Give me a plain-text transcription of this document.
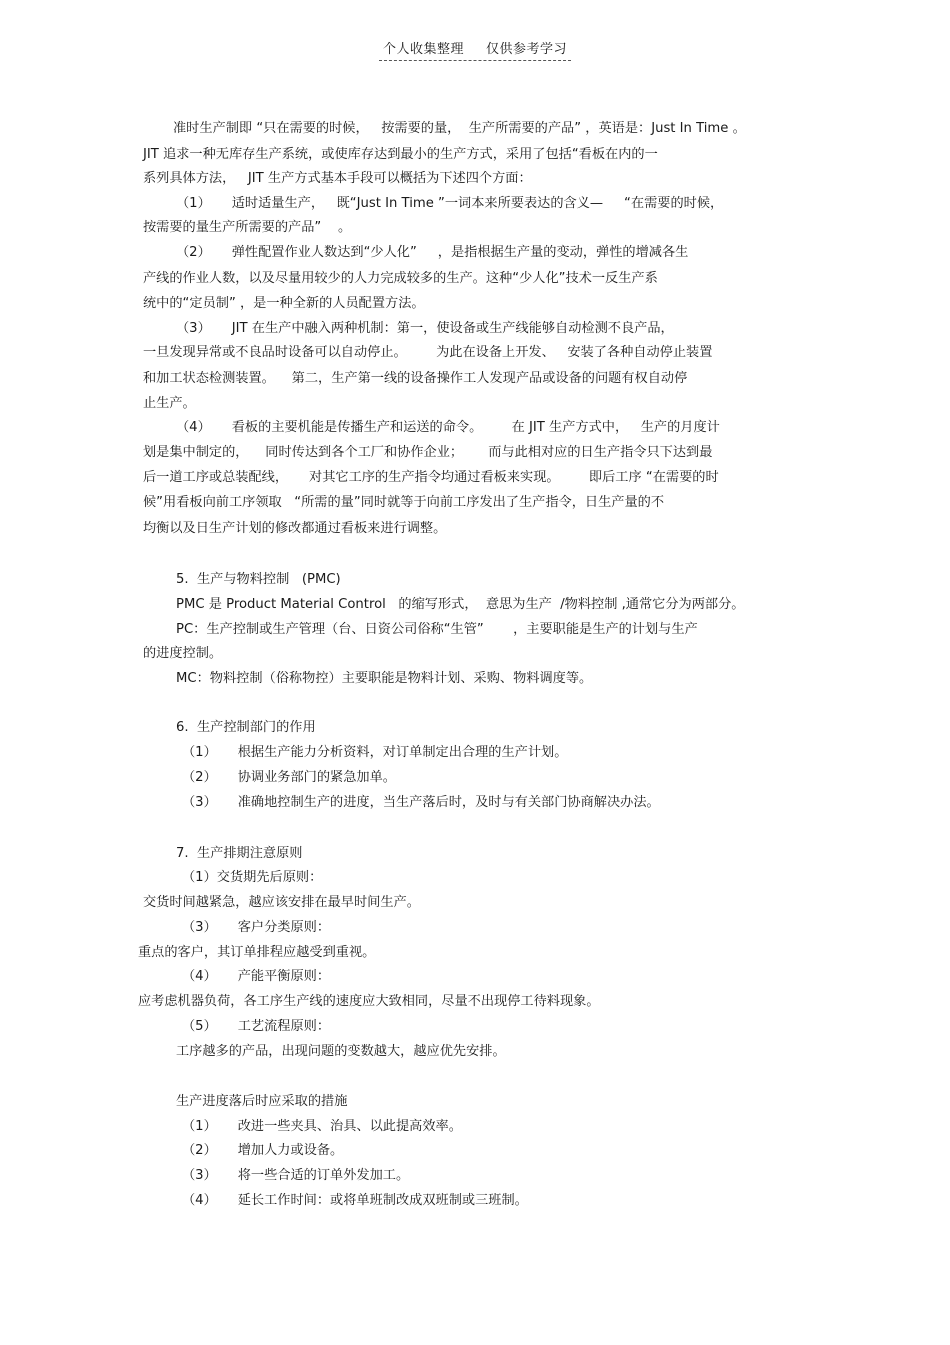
个人收集整理 仅供参考学习
准时生产制即 “只在需要的时候，   按需要的量，  生产所需要的产品” ，英语是：Just In Time 。
JIT 追求一种无库存生产系统，或使库存达到最小的生产方式，采用了包括“看板在内的一
系列具体方法，   JIT 生产方式基本手段可以概括为下述四个方面：
（1）     适时适量生产，   既“Just In Time ”一词本来所要表达的含义—     “在需要的时候，
按需要的量生产所需要的产品”    。
（2）     弹性配置作业人数达到“少人化”     ，是指根据生产量的变动，弹性的增减各生
产线的作业人数，以及尽量用较少的人力完成较多的生产。这种“少人化”技术一反生产系
统中的“定员制” ，是一种全新的人员配置方法。
（3）     JIT 在生产中融入两种机制：第一，使设备或生产线能够自动检测不良产品，
一旦发现异常或不良品时设备可以自动停止。       为此在设备上开发、   安装了各种自动停止装置
和加工状态检测装置。    第二，生产第一线的设备操作工人发现产品或设备的问题有权自动停
止生产。
（4）     看板的主要机能是传播生产和运送的命令。       在 JIT 生产方式中，   生产的月度计
划是集中制定的，    同时传达到各个工厂和协作企业；      而与此相对应的日生产指令只下达到最
后一道工序或总装配线，     对其它工序的生产指令均通过看板来实现。       即后工序 “在需要的时
候”用看板向前工序领取   “所需的量”同时就等于向前工序发出了生产指令，日生产量的不
均衡以及日生产计划的修改都通过看板来进行调整。
5.  生产与物料控制   (PMC)
PMC 是 Product Material Control   的缩写形式，  意思为生产  /物料控制 ,通常它分为两部分。
PC：生产控制或生产管理（台、日资公司俗称“生管”       ，主要职能是生产的计划与生产
的进度控制。
MC：物料控制（俗称物控）主要职能是物料计划、采购、物料调度等。
6.  生产控制部门的作用
（1）     根据生产能力分析资料，对订单制定出合理的生产计划。
（2）     协调业务部门的紧急加单。
（3）     准确地控制生产的进度，当生产落后时，及时与有关部门协商解决办法。
7.  生产排期注意原则
（1）交货期先后原则：
交货时间越紧急，越应该安排在最早时间生产。
（3）     客户分类原则：
重点的客户，其订单排程应越受到重视。
（4）     产能平衡原则：
应考虑机器负荷，各工序生产线的速度应大致相同，尽量不出现停工待料现象。
（5）     工艺流程原则：
工序越多的产品，出现问题的变数越大，越应优先安排。
生产进度落后时应采取的措施
（1）     改进一些夹具、治具、以此提高效率。
（2）     增加人力或设备。
（3）     将一些合适的订单外发加工。
（4）     延长工作时间：或将单班制改成双班制或三班制。
